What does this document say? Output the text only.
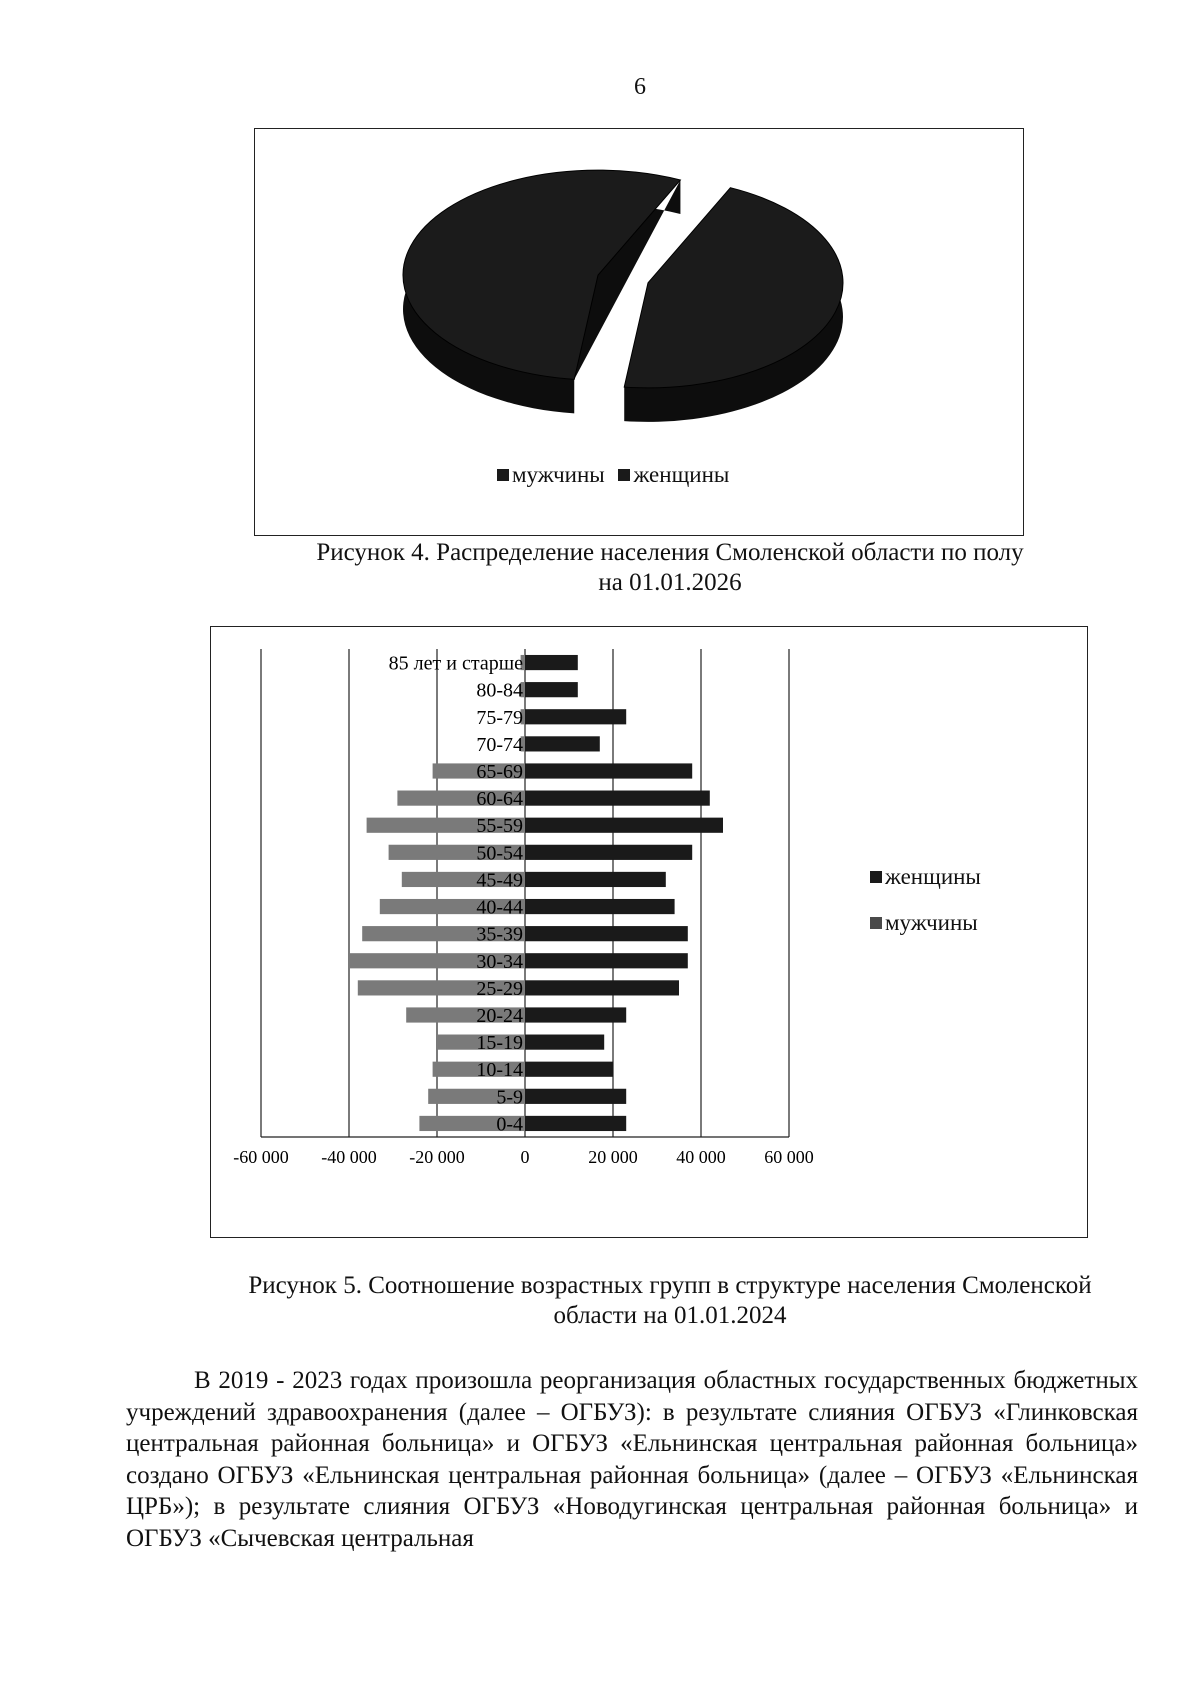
6
мужчины женщины
Рисунок 4. Распределение населения Смоленской области по полу
на 01.01.2026
-60 000 -40 000 -20 000	0	20 000 40 000 60 000
0-4
5-9
10-14
15-19
20-24
25-29
30-34
35-39
40-44
45-49
50-54
55-59
60-64
65-69
70-74
75-79
80-84
85 лет и старше
женщины
мужчины
Рисунок 5. Соотношение возрастных групп в структуре населения Смоленской
области на 01.01.2024

В 2019 - 2023 годах произошла реорганизация областных государственных бюджетных учреждений здравоохранения (далее – ОГБУЗ): в результате слияния ОГБУЗ «Глинковская центральная районная больница» и ОГБУЗ «Ельнинская центральная районная больница» создано ОГБУЗ «Ельнинская центральная районная больница» (далее – ОГБУЗ «Ельнинская ЦРБ»); в результате слияния ОГБУЗ «Новодугинская центральная районная больница» и ОГБУЗ «Сычевская центральная
